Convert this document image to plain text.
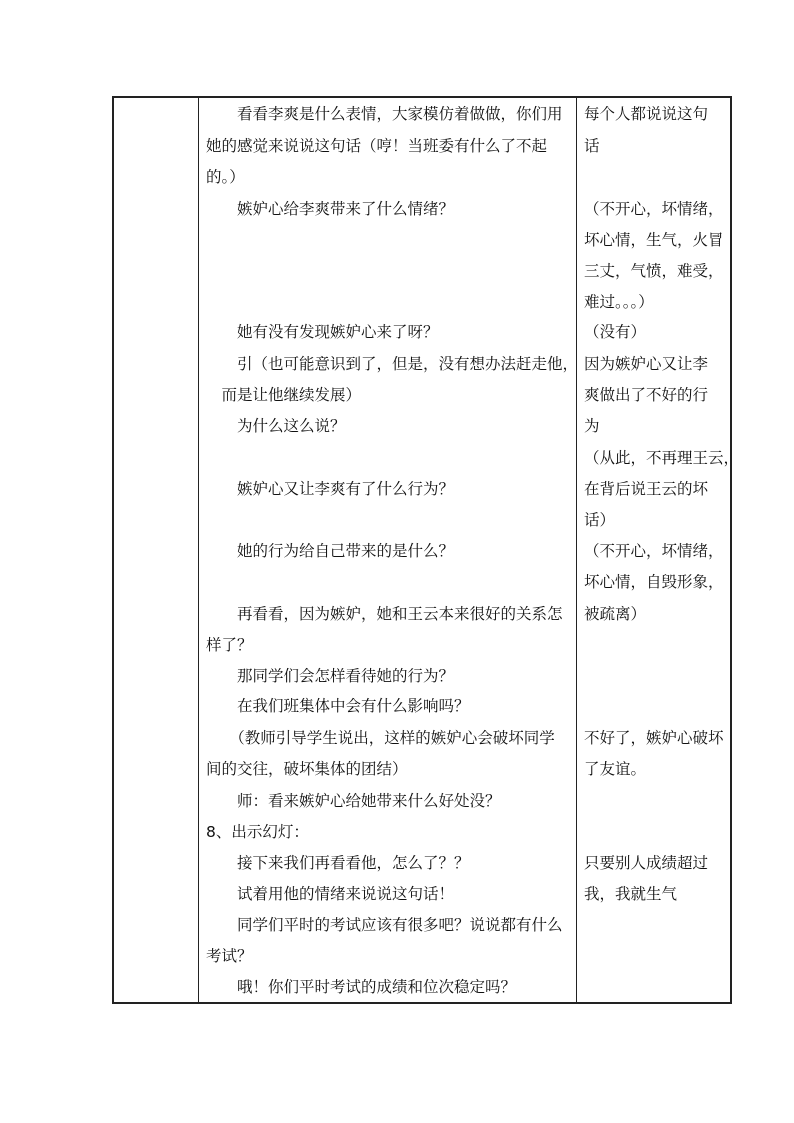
　　看看李爽是什么表情，大家模仿着做做，你们用
她的感觉来说说这句话（哼！当班委有什么了不起
的。）
　　嫉妒心给李爽带来了什么情绪？
　　她有没有发现嫉妒心来了呀？
　　引（也可能意识到了，但是，没有想办法赶走他，
　而是让他继续发展）
　　为什么这么说？
　　嫉妒心又让李爽有了什么行为？
　　她的行为给自己带来的是什么？
　　再看看，因为嫉妒，她和王云本来很好的关系怎
样了？
　　那同学们会怎样看待她的行为？
　　在我们班集体中会有什么影响吗？
　　（教师引导学生说出，这样的嫉妒心会破坏同学
间的交往，破坏集体的团结）
　　师：看来嫉妒心给她带来什么好处没？
8、出示幻灯：
　　接下来我们再看看他，怎么了？？
　　试着用他的情绪来说说这句话！
　　同学们平时的考试应该有很多吧？说说都有什么
考试？
　　哦！你们平时考试的成绩和位次稳定吗？
每个人都说说这句
话
（不开心，坏情绪，
坏心情，生气，火冒
三丈，气愤，难受，
难过。。。）
（没有）
因为嫉妒心又让李
爽做出了不好的行
为
（从此，不再理王云，
在背后说王云的坏
话）
（不开心，坏情绪，
坏心情，自毁形象，
被疏离）
不好了，嫉妒心破坏
了友谊。
只要别人成绩超过
我，我就生气
